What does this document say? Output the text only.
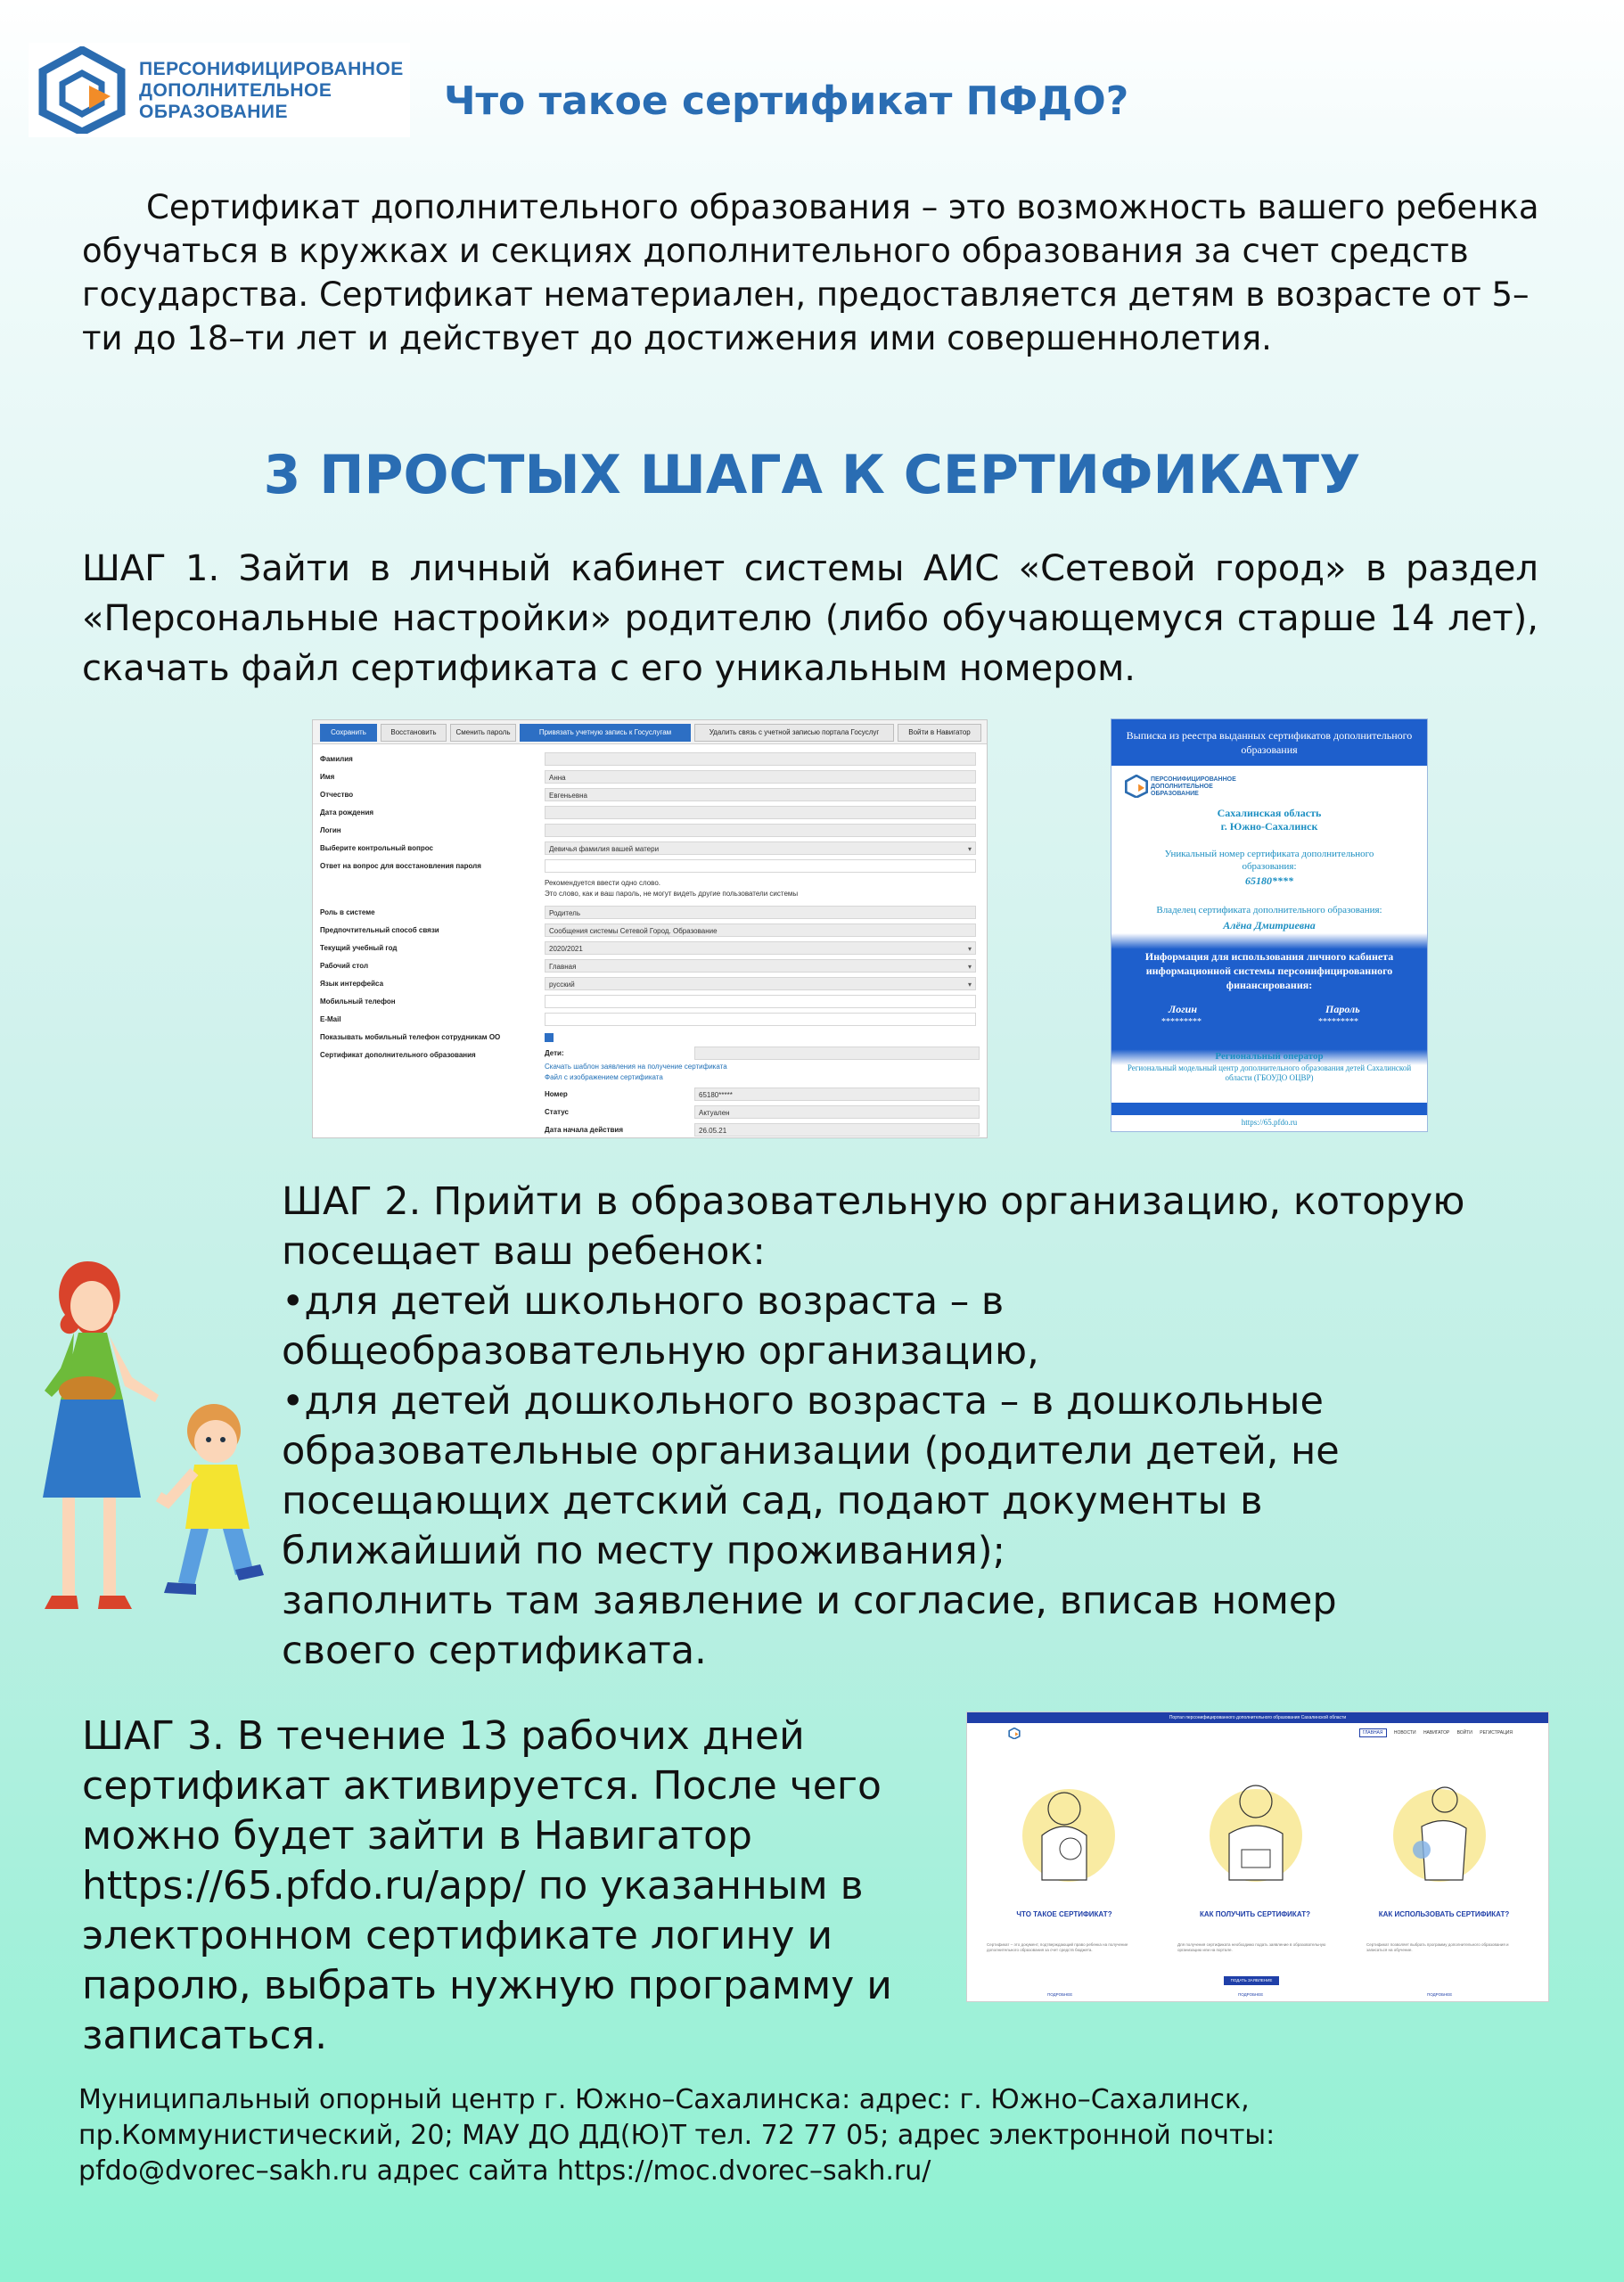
ПЕРСОНИФИЦИРОВАННОЕ
ДОПОЛНИТЕЛЬНОЕ
ОБРАЗОВАНИЕ	Что такое сертификат ПФДО?

Сертификат дополнительного образования – это возможность вашего ребенка обучаться в кружках и секциях дополнительного образования за счет средств государства. Сертификат нематериален, предоставляется детям в возрасте от 5–ти до 18–ти лет и действует до достижения ими совершеннолетия.

3 ПРОСТЫХ ШАГА К СЕРТИФИКАТУ

ШАГ 1. Зайти в личный кабинет системы АИС «Сетевой город» в раздел «Персональные настройки» родителю (либо обучающемуся старше 14 лет), скачать файл сертификата с его уникальным номером.

Сохранить	Восстановить	Сменить пароль	Привязать учетную запись к Госуслугам	Удалить связь с учетной записью портала Госуслуг	Войти в Навигатор
Фамилия
Имя	Анна
Отчество	Евгеньевна
Дата рождения
Логин
Выберите контрольный вопрос	Девичья фамилия вашей матери ▾
Ответ на вопрос для восстановления пароля
Рекомендуется ввести одно слово.
Это слово, как и ваш пароль, не могут видеть другие пользователи системы
Роль в системе	Родитель
Предпочтительный способ связи	Сообщения системы Сетевой Город. Образование
Текущий учебный год	2020/2021 ▾
Рабочий стол	Главная ▾
Язык интерфейса	русский ▾
Мобильный телефон
E-Mail
Показывать мобильный телефон сотрудникам ОО
Сертификат дополнительного образования	Дети:
Скачать шаблон заявления на получение сертификата
Файл с изображением сертификата
Номер	65180*****
Статус	Актуален
Дата начала действия	26.05.21
Выписка из реестра выданных сертификатов дополнительного образования
ПЕРСОНИФИЦИРОВАННОЕ
ДОПОЛНИТЕЛЬНОЕ
ОБРАЗОВАНИЕ
Сахалинская область
г. Южно-Сахалинск
Уникальный номер сертификата дополнительного образования:
65180****
Владелец сертификата дополнительного образования:
Алёна Дмитриевна
Информация для использования личного кабинета информационной системы персонифицированного финансирования:
Логин	Пароль
*********	*********
Региональный оператор
Региональный модельный центр дополнительного образования детей Сахалинской области (ГБОУДО ОЦВР)
https://65.pfdo.ru
ШАГ 2. Прийти в образовательную организацию, которую
посещает ваш ребенок:
•для детей школьного возраста – в
общеобразовательную организацию,
•для детей дошкольного возраста – в дошкольные
образовательные организации (родители детей, не
посещающих детский сад, подают документы в
ближайший по месту проживания);
заполнить там заявление и согласие, вписав номер
своего сертификата.
ШАГ 3. В течение 13 рабочих дней
сертификат активируется. После чего
можно будет зайти в Навигатор
https://65.pfdo.ru/app/ по указанным в
электронном сертификате логину и
паролю, выбрать нужную программу и
записаться.
Портал персонифицированного дополнительного образования Сахалинской области
ГЛАВНАЯ НОВОСТИ НАВИГАТОР ВОЙТИ РЕГИСТРАЦИЯ
ЧТО ТАКОЕ СЕРТИФИКАТ?	КАК ПОЛУЧИТЬ СЕРТИФИКАТ?	КАК ИСПОЛЬЗОВАТЬ СЕРТИФИКАТ?
Сертификат – это документ, подтверждающий право ребенка на получение дополнительного образования за счет средств бюджета.
Для получения сертификата необходимо подать заявление в образовательную организацию или на портале.
Сертификат позволяет выбрать программу дополнительного образования и записаться на обучение.
ПОДАТЬ ЗАЯВЛЕНИЕ
ПОДРОБНЕЕ	ПОДРОБНЕЕ	ПОДРОБНЕЕ
Муниципальный опорный центр г. Южно–Сахалинска: адрес: г. Южно–Сахалинск,
пр.Коммунистический, 20; МАУ ДО ДД(Ю)Т тел. 72 77 05; адрес электронной почты:
pfdo@dvorec–sakh.ru адрес сайта https://moc.dvorec–sakh.ru/
